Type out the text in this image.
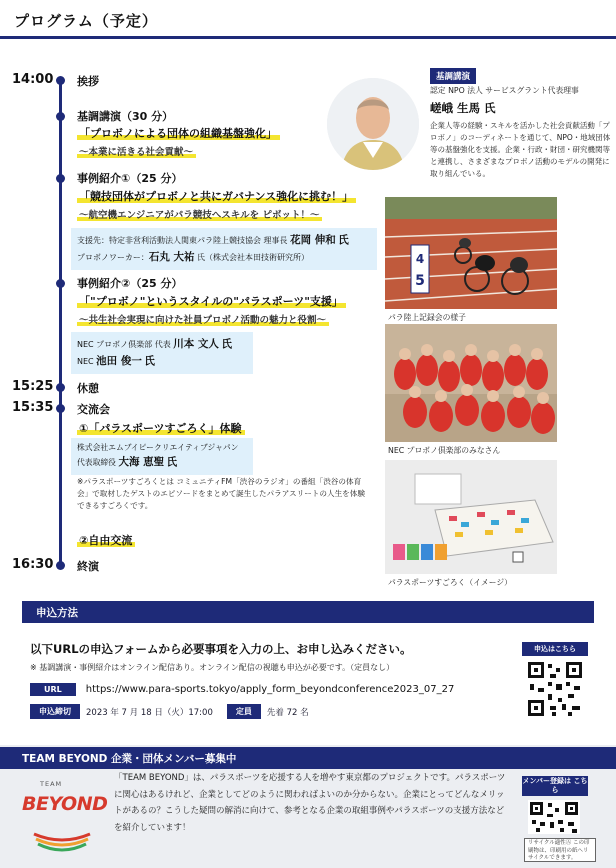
プログラム（予定）
14:00 挨拶
基調講演（30 分）
「プロボノによる団体の組織基盤強化」
〜本業に活きる社会貢献〜
事例紹介①（25 分）
「競技団体がプロボノと共にガバナンス強化に挑む！」
〜航空機エンジニアがパラ競技へスキルを ピボット！〜
支援先：特定非営利活動法人関東パラ陸上競技協会 理事長 花岡 伸和 氏
プロボノワーカー：石丸 大祐 氏（株式会社本田技術研究所）
事例紹介②（25 分）
「"プロボノ"というスタイルの"パラスポーツ"支援」
〜共生社会実現に向けた社員プロボノ活動の魅力と役割〜
NEC プロボノ倶楽部 代表 川本 文人 氏
NEC 池田 俊一 氏
15:25 休憩
15:35 交流会
①「パラスポーツすごろく」体験
株式会社エムブイピークリエイティブジャパン
代表取締役 大海 恵聖 氏
※パラスポーツすごろくとは コミュニティFM「渋谷のラジオ」の番組「渋谷の体育会」で取材したゲストのエピソードをまとめて誕生したパラアスリートの人生を体験できるすごろくです。
②自由交流
16:30 終演
基調講演
認定 NPO 法人 サービスグラント代表理事
嵯峨 生馬 氏
企業人等の経験・スキルを活かした社会貢献活動「プロボノ」のコーディネートを通じて、NPO・地域団体等の基盤強化を支援。企業・行政・財団・研究機関等と連携し、さまざまなプロボノ活動のモデルの開発に取り組んでいる。
4
5
パラ陸上記録会の様子
NEC プロボノ倶楽部のみなさん
パラスポーツすごろく（イメージ）
申込方法
以下URLの申込フォームから必要事項を入力の上、お申し込みください。
※ 基調講演・事例紹介はオンライン配信あり。オンライン配信の視聴も申込が必要です。（定員なし）
URL	https://www.para-sports.tokyo/apply_form_beyondconference2023_07_27
申込締切	2023 年 7 月 18 日（火）17:00	定員	先着 72 名
申込はこちら
TEAM BEYOND 企業・団体メンバー募集中
TEAM
BEYOND
「TEAM BEYOND」は、パラスポーツを応援する人を増やす東京都のプロジェクトです。パラスポーツに関心はあるけれど、企業としてどのように関わればよいのか分からない。企業にとってどんなメリットがあるの？こうした疑問の解消に向けて、参考となる企業の取組事例やパラスポーツの支援方法などを紹介しています！
メンバー登録は こちら
リサイクル適性Ⓐ この印刷物は、印刷用の紙へリサイクルできます。
